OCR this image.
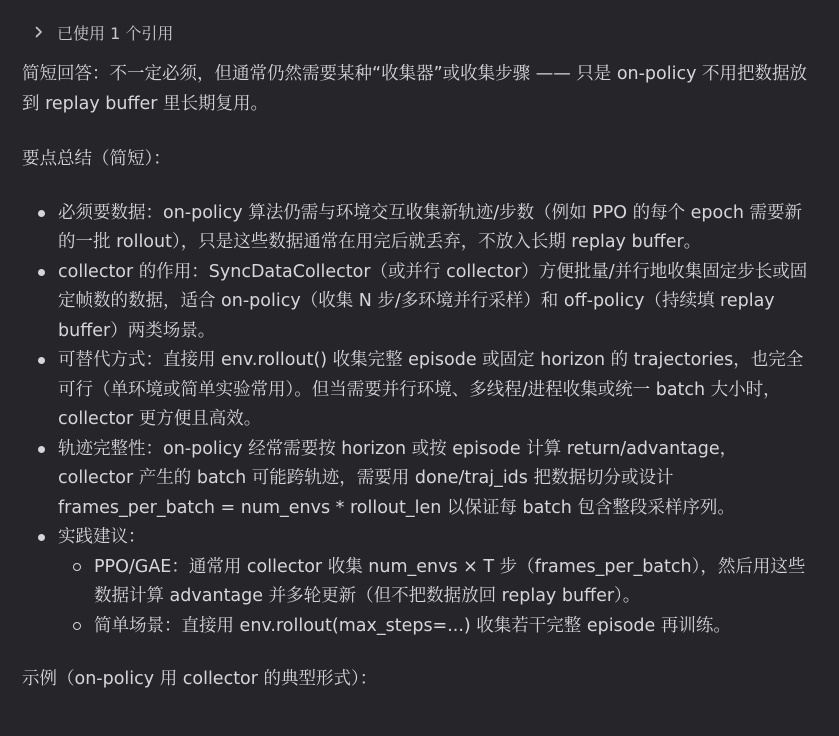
已使用 1 个引用

简短回答：不一定必须，但通常仍然需要某种“收集器”或收集步骤 —— 只是 on-policy 不用把数据放到 replay buffer 里长期复用。

要点总结（简短）：

必须要数据：on-policy 算法仍需与环境交互收集新轨迹/步数（例如 PPO 的每个 epoch 需要新的一批 rollout），只是这些数据通常在用完后就丢弃，不放入长期 replay buffer。
collector 的作用：SyncDataCollector（或并行 collector）方便批量/并行地收集固定步长或固定帧数的数据，适合 on-policy（收集 N 步/多环境并行采样）和 off-policy（持续填 replay buffer）两类场景。
可替代方式：直接用 env.rollout() 收集完整 episode 或固定 horizon 的 trajectories，也完全可行（单环境或简单实验常用）。但当需要并行环境、多线程/进程收集或统一 batch 大小时，collector 更方便且高效。
轨迹完整性：on-policy 经常需要按 horizon 或按 episode 计算 return/advantage，collector 产生的 batch 可能跨轨迹，需要用 done/traj_ids 把数据切分或设计 frames_per_batch = num_envs * rollout_len 以保证每 batch 包含整段采样序列。
实践建议：
PPO/GAE：通常用 collector 收集 num_envs × T 步（frames_per_batch），然后用这些数据计算 advantage 并多轮更新（但不把数据放回 replay buffer）。
简单场景：直接用 env.rollout(max_steps=...) 收集若干完整 episode 再训练。

示例（on-policy 用 collector 的典型形式）：
